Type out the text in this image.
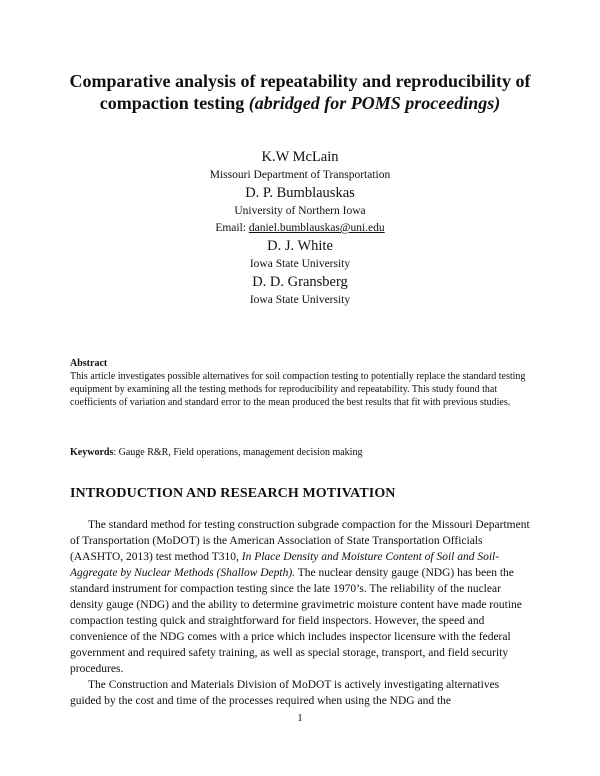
Comparative analysis of repeatability and reproducibility of compaction testing (abridged for POMS proceedings)
K.W McLain
Missouri Department of Transportation
D. P. Bumblauskas
University of Northern Iowa
Email: daniel.bumblauskas@uni.edu
D. J. White
Iowa State University
D. D. Gransberg
Iowa State University
Abstract
This article investigates possible alternatives for soil compaction testing to potentially replace the standard testing equipment by examining all the testing methods for reproducibility and repeatability. This study found that coefficients of variation and standard error to the mean produced the best results that fit with previous studies.
Keywords: Gauge R&R, Field operations, management decision making
INTRODUCTION AND RESEARCH MOTIVATION

The standard method for testing construction subgrade compaction for the Missouri Department of Transportation (MoDOT) is the American Association of State Transportation Officials (AASHTO, 2013) test method T310, In Place Density and Moisture Content of Soil and Soil-Aggregate by Nuclear Methods (Shallow Depth). The nuclear density gauge (NDG) has been the standard instrument for compaction testing since the late 1970’s. The reliability of the nuclear density gauge (NDG) and the ability to determine gravimetric moisture content have made routine compaction testing quick and straightforward for field inspectors. However, the speed and convenience of the NDG comes with a price which includes inspector licensure with the federal government and required safety training, as well as special storage, transport, and field security procedures.

The Construction and Materials Division of MoDOT is actively investigating alternatives guided by the cost and time of the processes required when using the NDG and the

1
